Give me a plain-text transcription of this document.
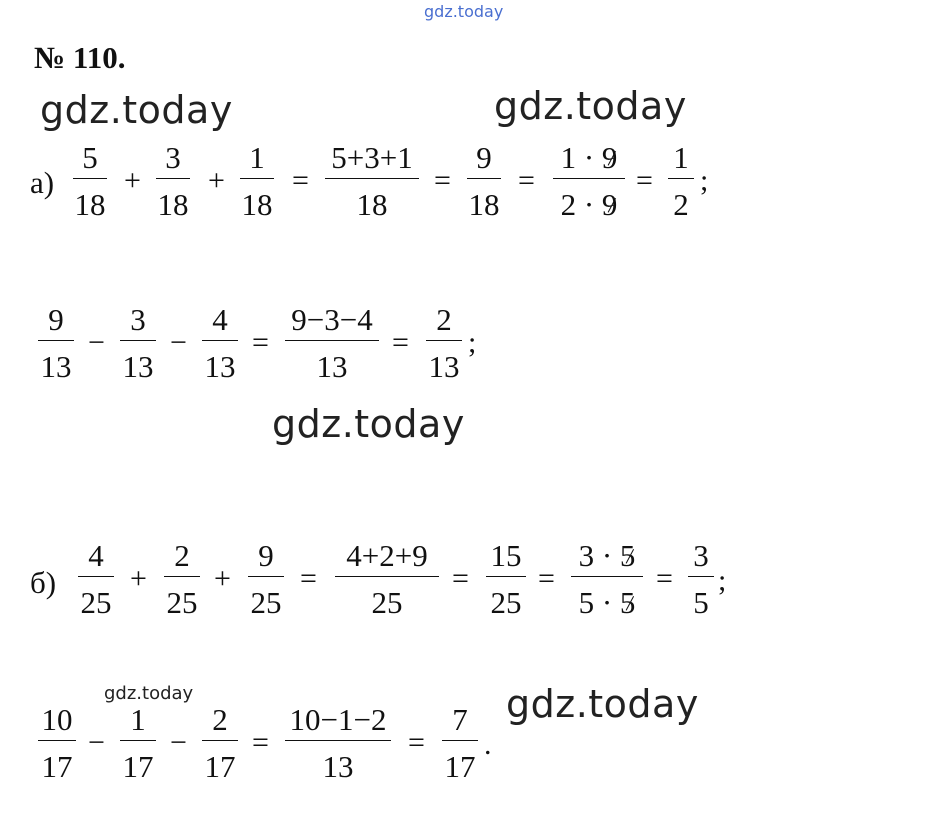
gdz.today
gdz.today	gdz.today
gdz.today
gdz.today
gdz.today
№ 110.
а)
5
18
+
3
18
+
1
18
=
5+3+1
18
=
9
18
=
1 · 9
2 · 9
=
1
2
;
9
13
−
3
13
−
4
13
=
9−3−4
13
=
2
13
;
б)
4
25
+
2
25
+
9
25
=
4+2+9
25
=
15
25
=
3 · 5
5 · 5
=
3
5
;
10
17
−
1
17
−
2
17
=
10−1−2
13
=
7
17
.
